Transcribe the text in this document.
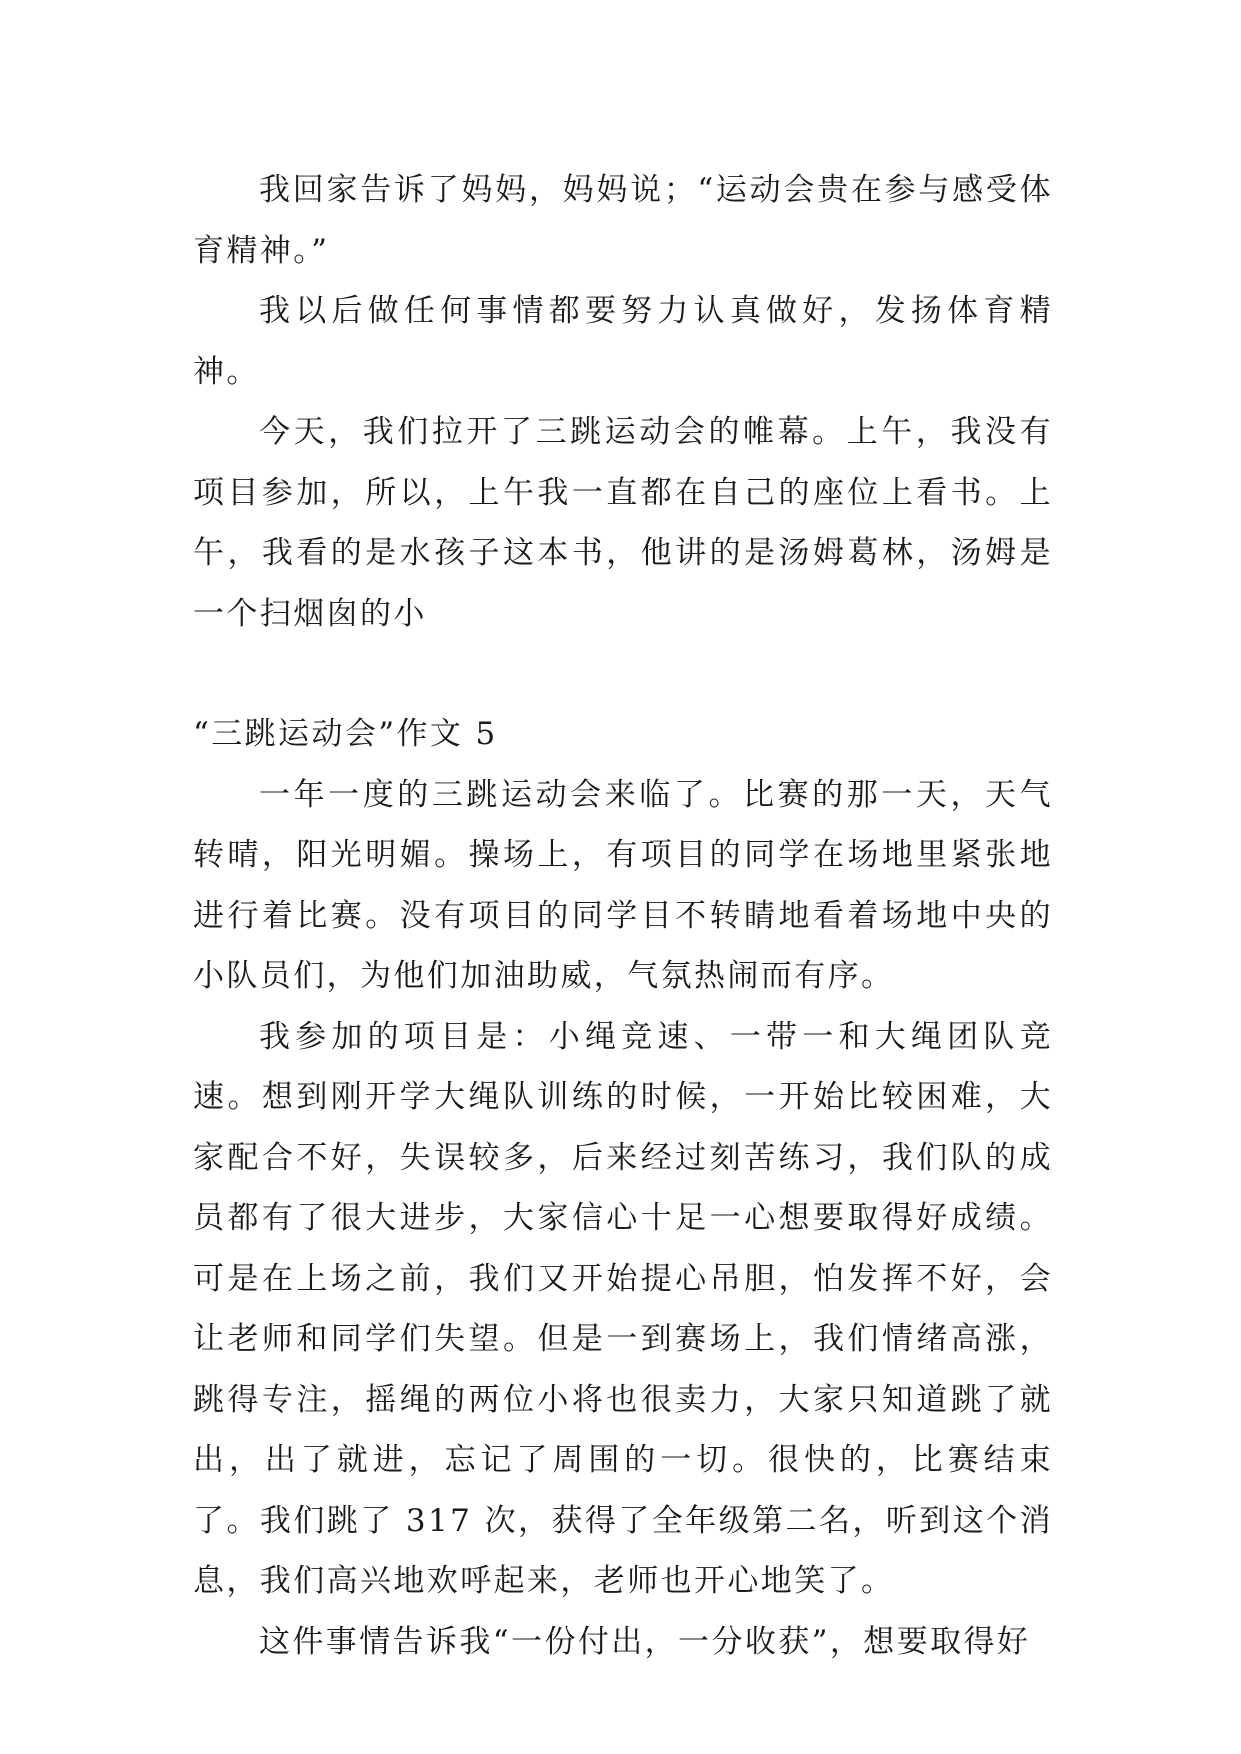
我回家告诉了妈妈，妈妈说；“运动会贵在参与感受体育精神。”

我以后做任何事情都要努力认真做好，发扬体育精神。

今天，我们拉开了三跳运动会的帷幕。上午，我没有项目参加，所以，上午我一直都在自己的座位上看书。上午，我看的是水孩子这本书，他讲的是汤姆葛林，汤姆是一个扫烟囱的小

“三跳运动会”作文 5

一年一度的三跳运动会来临了。比赛的那一天，天气转晴，阳光明媚。操场上，有项目的同学在场地里紧张地进行着比赛。没有项目的同学目不转睛地看着场地中央的小队员们，为他们加油助威，气氛热闹而有序。

我参加的项目是：小绳竞速、一带一和大绳团队竞速。想到刚开学大绳队训练的时候，一开始比较困难，大家配合不好，失误较多，后来经过刻苦练习，我们队的成员都有了很大进步，大家信心十足一心想要取得好成绩。可是在上场之前，我们又开始提心吊胆，怕发挥不好，会让老师和同学们失望。但是一到赛场上，我们情绪高涨，跳得专注，摇绳的两位小将也很卖力，大家只知道跳了就出，出了就进，忘记了周围的一切。很快的，比赛结束了。我们跳了 317 次，获得了全年级第二名，听到这个消息，我们高兴地欢呼起来，老师也开心地笑了。

这件事情告诉我“一份付出，一分收获”，想要取得好
